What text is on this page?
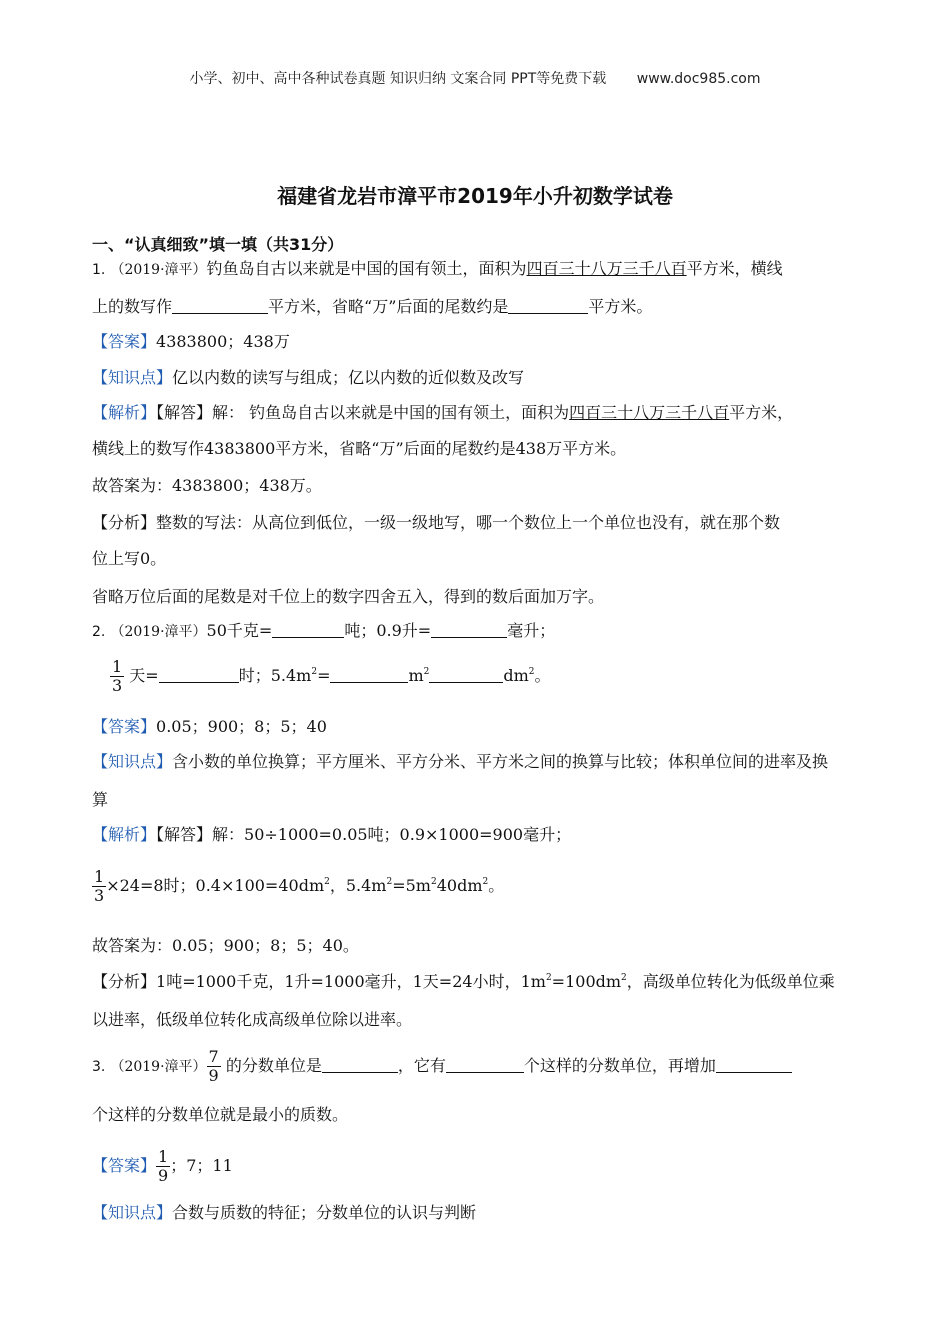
小学、初中、高中各种试卷真题 知识归纳 文案合同 PPT等免费下载 www.doc985.com
福建省龙岩市漳平市2019年小升初数学试卷
一、“认真细致”填一填（共31分）
1. （2019·漳平）钓鱼岛自古以来就是中国的国有领土，面积为四百三十八万三千八百平方米，横线
上的数写作	平方米，省略“万”后面的尾数约是	平方米。
【答案】4383800；438万
【知识点】亿以内数的读写与组成；亿以内数的近似数及改写
【解析】【解答】解： 钓鱼岛自古以来就是中国的国有领土，面积为四百三十八万三千八百平方米，
横线上的数写作4383800平方米，省略“万”后面的尾数约是438万平方米。
故答案为：4383800；438万。
【分析】整数的写法：从高位到低位，一级一级地写，哪一个数位上一个单位也没有，就在那个数
位上写0。
省略万位后面的尾数是对千位上的数字四舍五入，得到的数后面加万字。
2. （2019·漳平）50千克=	吨；0.9升=	毫升；
$\frac{1}{3}$ 天=	时；$5.4m^2=$	$m^2$	$dm^2$。
【答案】0.05；900；8；5；40
【知识点】含小数的单位换算；平方厘米、平方分米、平方米之间的换算与比较；体积单位间的进率及换
算
【解析】【解答】解：50÷1000=0.05吨；0.9×1000=900毫升；
$\frac{1}{3} \times 24=8$时；$0.4\times 100=40dm^2$，$5.4m^2=5m^240dm^2$。
故答案为：0.05；900；8；5；40。
【分析】1吨=1000千克，1升=1000毫升，1天=24小时，$1m^2=100dm^2$，高级单位转化为低级单位乘
以进率，低级单位转化成高级单位除以进率。
3. （2019·漳平） $\frac{7}{9}$ 的分数单位是	，它有	个这样的分数单位，再增加
个这样的分数单位就是最小的质数。
【答案】 $\frac{1}{9}$ ；7；11
【知识点】合数与质数的特征；分数单位的认识与判断
